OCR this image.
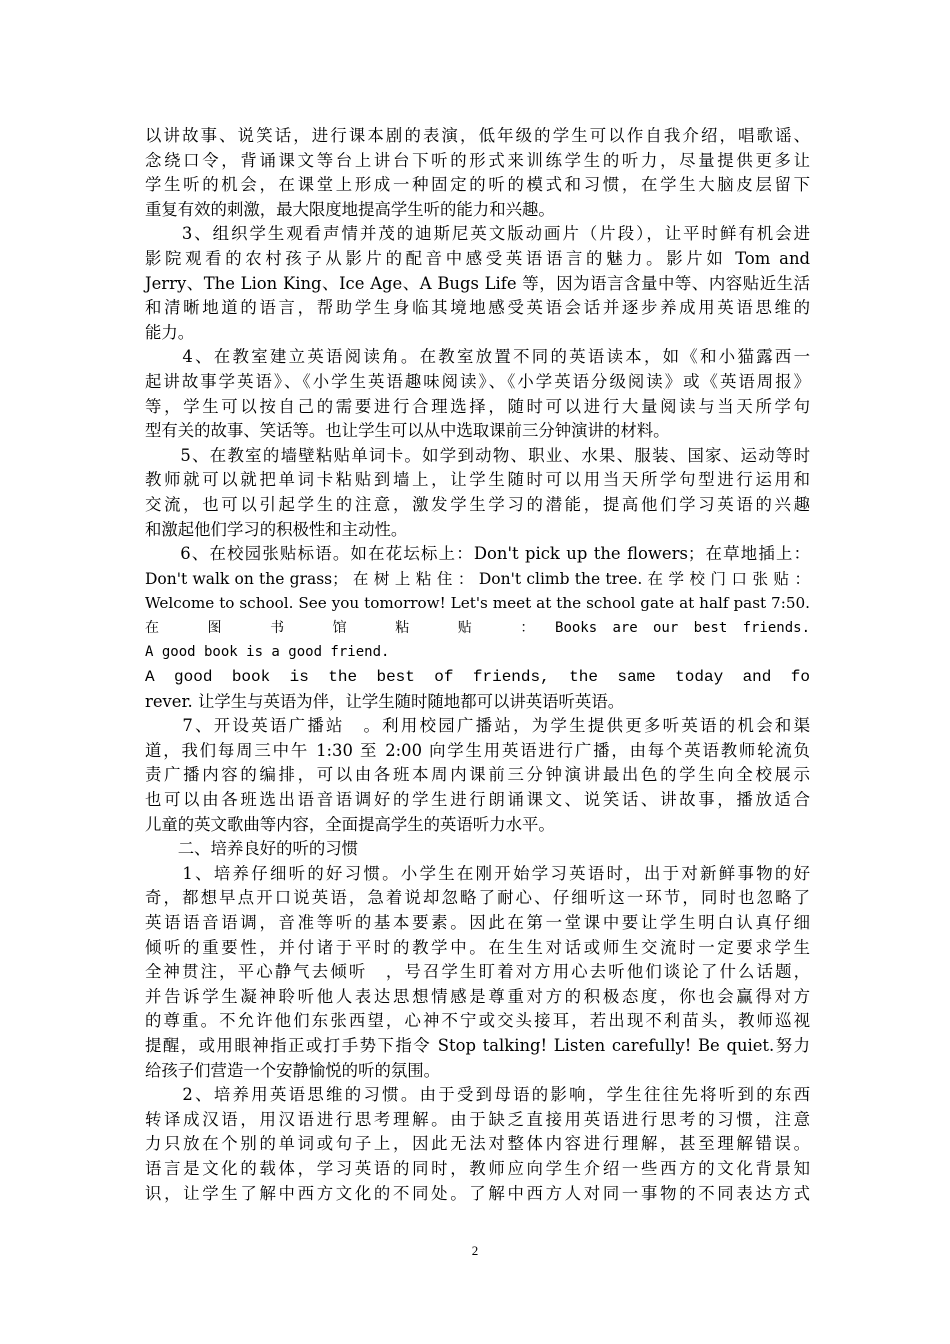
以讲故事、说笑话，进行课本剧的表演，低年级的学生可以作自我介绍，唱歌谣、
念绕口令，背诵课文等台上讲台下听的形式来训练学生的听力，尽量提供更多让
学生听的机会，在课堂上形成一种固定的听的模式和习惯，在学生大脑皮层留下
重复有效的刺激，最大限度地提高学生听的能力和兴趣。
　　3、组织学生观看声情并茂的迪斯尼英文版动画片（片段），让平时鲜有机会进
影院观看的农村孩子从影片的配音中感受英语语言的魅力。影片如 Tom and
Jerry、The Lion King、Ice Age、A Bugs Life 等，因为语言含量中等、内容贴近生活
和清晰地道的语言，帮助学生身临其境地感受英语会话并逐步养成用英语思维的
能力。
　　4、在教室建立英语阅读角。在教室放置不同的英语读本，如《和小猫露西一
起讲故事学英语》、《小学生英语趣味阅读》、《小学英语分级阅读》或《英语周报》
等，学生可以按自己的需要进行合理选择，随时可以进行大量阅读与当天所学句
型有关的故事、笑话等。也让学生可以从中选取课前三分钟演讲的材料。
　　5、在教室的墙壁粘贴单词卡。如学到动物、职业、水果、服装、国家、运动等时
教师就可以就把单词卡粘贴到墙上，让学生随时可以用当天所学句型进行运用和
交流，也可以引起学生的注意，激发学生学习的潜能，提高他们学习英语的兴趣
和激起他们学习的积极性和主动性。
　　6、在校园张贴标语。如在花坛标上：Don't pick up the flowers；在草地插上：
Don't walk on the grass； 在 树 上 粘 住 ： Don't climb the tree. 在 学 校 门 口 张 贴 ：
Welcome to school. See you tomorrow! Let's meet at the school gate at half past 7:50.
在　　图　　书　　馆　　粘　　贴　　：　Books are our best friends.
A good book is a good friend.
A good book is the best of friends, the same today and fo
rever. 让学生与英语为伴，让学生随时随地都可以讲英语听英语。
　　7、开设英语广播站　。利用校园广播站，为学生提供更多听英语的机会和渠
道，我们每周三中午 1:30 至 2:00 向学生用英语进行广播，由每个英语教师轮流负
责广播内容的编排，可以由各班本周内课前三分钟演讲最出色的学生向全校展示
也可以由各班选出语音语调好的学生进行朗诵课文、说笑话、讲故事，播放适合
儿童的英文歌曲等内容，全面提高学生的英语听力水平。
　　二、培养良好的听的习惯
　　1、培养仔细听的好习惯。小学生在刚开始学习英语时，出于对新鲜事物的好
奇，都想早点开口说英语，急着说却忽略了耐心、仔细听这一环节，同时也忽略了
英语语音语调，音准等听的基本要素。因此在第一堂课中要让学生明白认真仔细
倾听的重要性，并付诸于平时的教学中。在生生对话或师生交流时一定要求学生
全神贯注，平心静气去倾听　，号召学生盯着对方用心去听他们谈论了什么话题，
并告诉学生凝神聆听他人表达思想情感是尊重对方的积极态度，你也会赢得对方
的尊重。不允许他们东张西望，心神不宁或交头接耳，若出现不利苗头，教师巡视
提醒，或用眼神指正或打手势下指令 Stop talking! Listen carefully! Be quiet.努力
给孩子们营造一个安静愉悦的听的氛围。
　　2、培养用英语思维的习惯。由于受到母语的影响，学生往往先将听到的东西
转译成汉语，用汉语进行思考理解。由于缺乏直接用英语进行思考的习惯，注意
力只放在个别的单词或句子上，因此无法对整体内容进行理解，甚至理解错误。
语言是文化的载体，学习英语的同时，教师应向学生介绍一些西方的文化背景知
识，让学生了解中西方文化的不同处。了解中西方人对同一事物的不同表达方式
2
